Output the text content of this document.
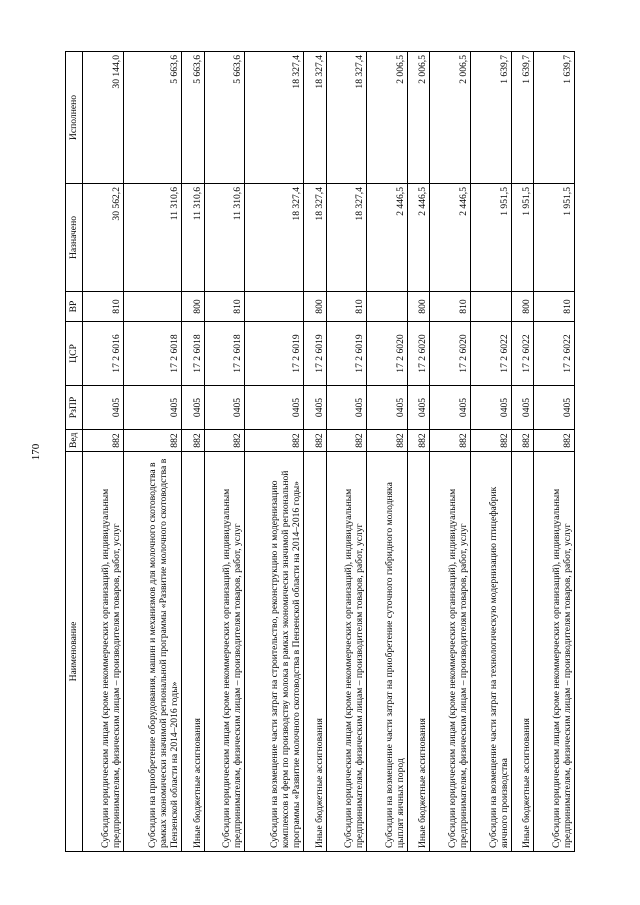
170
Наименование	Вед	РзПР	ЦСР	ВР	Назначено	Исполнено
Субсидии юридическим лицам (кроме некоммерческих организаций), индивидуальным предпринимателям, физическим лицам – производителям товаров, работ, услуг	882	0405	17 2 6016	810	30 562,2	30 144,0
Субсидии на приобретение оборудования, машин и механизмов для молочного скотоводства в рамках экономически значимой региональной программы «Развитие молочного скотоводства в Пензенской области на 2014–2016 годы»	882	0405	17 2 6018		11 310,6	5 663,6
Иные бюджетные ассигнования	882	0405	17 2 6018	800	11 310,6	5 663,6
Субсидии юридическим лицам (кроме некоммерческих организаций), индивидуальным предпринимателям, физическим лицам – производителям товаров, работ, услуг	882	0405	17 2 6018	810	11 310,6	5 663,6
Субсидии на возмещение части затрат на строительство, реконструкцию и модернизацию комплексов и ферм по производству молока в рамках экономически значимой региональной программы «Развитие молочного скотоводства в Пензенской области на 2014–2016 годы»	882	0405	17 2 6019		18 327,4	18 327,4
Иные бюджетные ассигнования	882	0405	17 2 6019	800	18 327,4	18 327,4
Субсидии юридическим лицам (кроме некоммерческих организаций), индивидуальным предпринимателям, физическим лицам – производителям товаров, работ, услуг	882	0405	17 2 6019	810	18 327,4	18 327,4
Субсидии на возмещение части затрат на приобретение суточного гибридного молодняка цыплят яичных пород	882	0405	17 2 6020		2 446,5	2 006,5
Иные бюджетные ассигнования	882	0405	17 2 6020	800	2 446,5	2 006,5
Субсидии юридическим лицам (кроме некоммерческих организаций), индивидуальным предпринимателям, физическим лицам – производителям товаров, работ, услуг	882	0405	17 2 6020	810	2 446,5	2 006,5
Субсидии на возмещение части затрат на технологическую модернизацию птицефабрик яичного производства	882	0405	17 2 6022		1 951,5	1 639,7
Иные бюджетные ассигнования	882	0405	17 2 6022	800	1 951,5	1 639,7
Субсидии юридическим лицам (кроме некоммерческих организаций), индивидуальным предпринимателям, физическим лицам – производителям товаров, работ, услуг	882	0405	17 2 6022	810	1 951,5	1 639,7
